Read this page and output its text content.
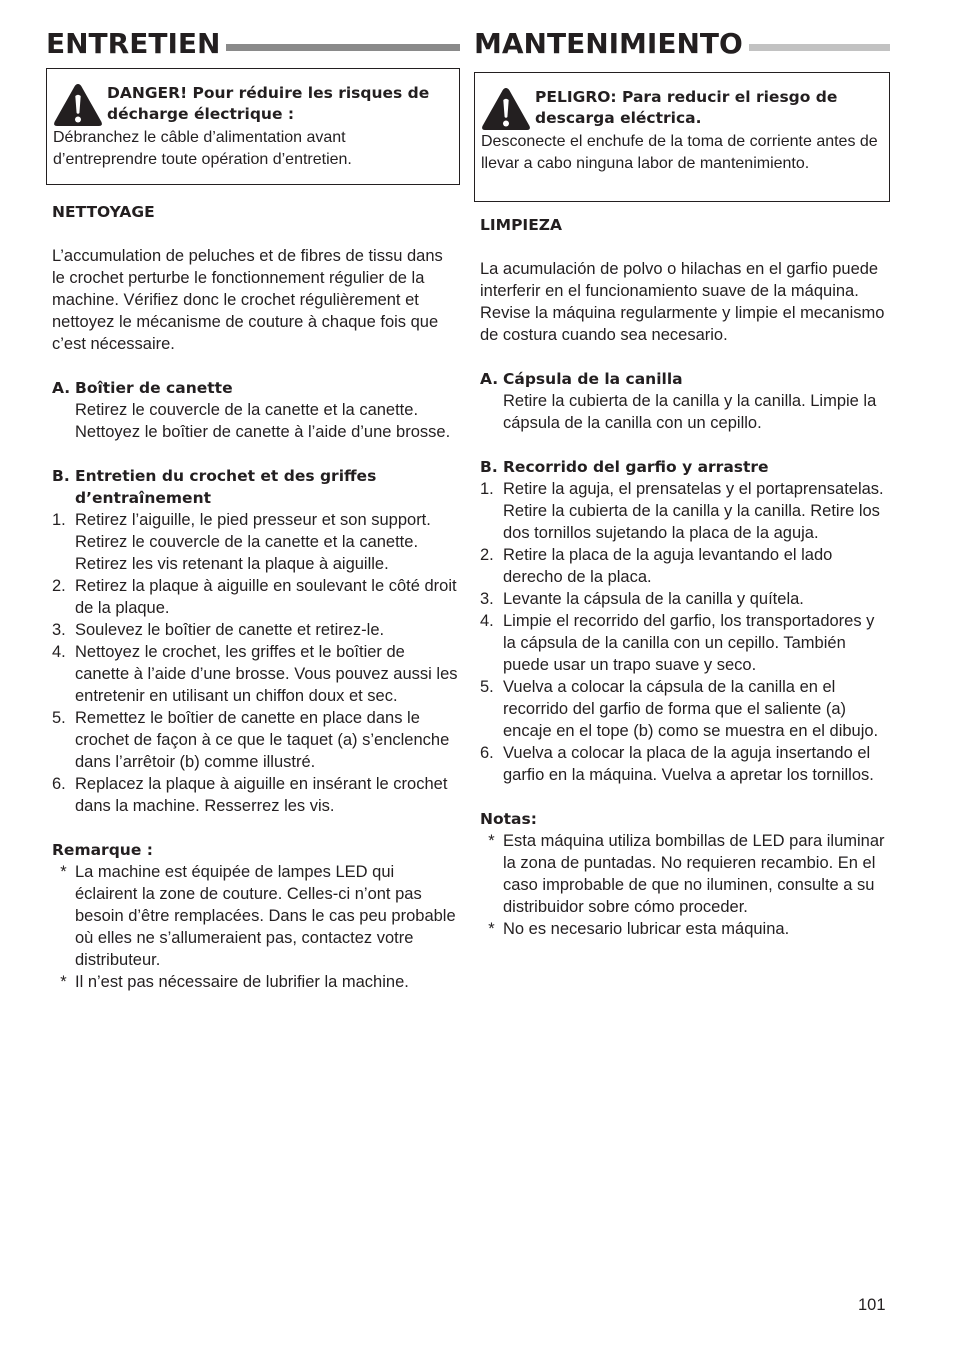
ENTRETIEN
DANGER! Pour réduire les risques de décharge électrique :
Débranchez le câble d’alimentation avant d’entreprendre toute opération d’entretien.
NETTOYAGE

L’accumulation de peluches et de fibres de tissu dans le crochet perturbe le fonctionnement régulier de la machine. Vérifiez donc le crochet régulièrement et nettoyez le mécanisme de couture à chaque fois que c’est nécessaire.

A. Boîtier de canette
Retirez le couvercle de la canette et la canette. Nettoyez le boîtier de canette à l’aide d’une brosse.
B. Entretien du crochet et des griffes d’entraînement
1. Retirez l’aiguille, le pied presseur et son support. Retirez le couvercle de la canette et la canette. Retirez les vis retenant la plaque à aiguille.
2. Retirez la plaque à aiguille en soulevant le côté droit de la plaque.
3. Soulevez le boîtier de canette et retirez-le.
4. Nettoyez le crochet, les griffes et le boîtier de canette à l’aide d’une brosse. Vous pouvez aussi les entretenir en utilisant un chiffon doux et sec.
5. Remettez le boîtier de canette en place dans le crochet de façon à ce que le taquet (a) s’enclenche dans l’arrêtoir (b) comme illustré.
6. Replacez la plaque à aiguille en insérant le crochet dans la machine. Resserrez les vis.
Remarque :
* La machine est équipée de lampes LED qui éclairent la zone de couture. Celles-ci n’ont pas besoin d’être remplacées. Dans le cas peu probable où elles ne s’allumeraient pas, contactez votre distributeur.
* Il n’est pas nécessaire de lubrifier la machine.
MANTENIMIENTO
PELIGRO: Para reducir el riesgo de descarga eléctrica.
Desconecte el enchufe de la toma de corriente antes de llevar a cabo ninguna labor de mantenimiento.
LIMPIEZA

La acumulación de polvo o hilachas en el garfio puede interferir en el funcionamiento suave de la máquina. Revise la máquina regularmente y limpie el mecanismo de costura cuando sea necesario.

A. Cápsula de la canilla
Retire la cubierta de la canilla y la canilla. Limpie la cápsula de la canilla con un cepillo.
B. Recorrido del garfio y arrastre
1. Retire la aguja, el prensatelas y el portaprensatelas. Retire la cubierta de la canilla y la canilla. Retire los dos tornillos sujetando la placa de la aguja.
2. Retire la placa de la aguja levantando el lado derecho de la placa.
3. Levante la cápsula de la canilla y quítela.
4. Limpie el recorrido del garfio, los transportadores y la cápsula de la canilla con un cepillo. También puede usar un trapo suave y seco.
5. Vuelva a colocar la cápsula de la canilla en el recorrido del garfio de forma que el saliente (a) encaje en el tope (b) como se muestra en el dibujo.
6. Vuelva a colocar la placa de la aguja insertando el garfio en la máquina. Vuelva a apretar los tornillos.
Notas:
* Esta máquina utiliza bombillas de LED para iluminar la zona de puntadas. No requieren recambio. En el caso improbable de que no iluminen, consulte a su distribuidor sobre cómo proceder.
* No es necesario lubricar esta máquina.
101
